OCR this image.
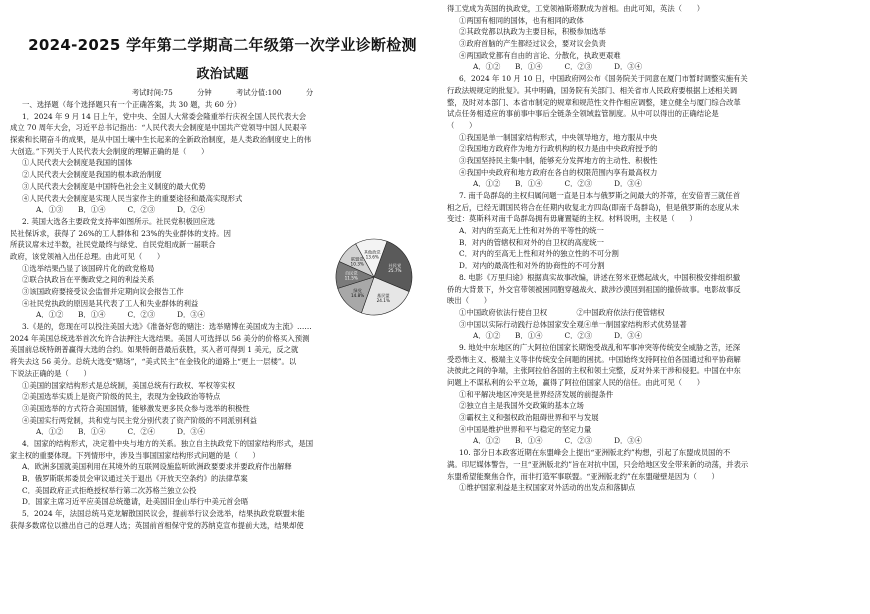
2024-2025 学年第二学期高二年级第一次学业诊断检测
政治试题
考试时间:75 分钟	考试分值:100 分
一、选择题（每个选择题只有一个正确答案，共 30 题，共 60 分）
1．2024 年 9 月 14 日上午，党中央、全国人大常委会隆重举行庆祝全国人民代表大会
成立 70 周年大会，习近平总书记指出：“人民代表大会制度是中国共产党领导中国人民艰辛
探索和长期奋斗的成果，是从中国土壤中生长起来的全新政治制度，是人类政治制度史上的伟
大创造。”下列关于人民代表大会制度的理解正确的是（　　）
①人民代表大会制度是我国的国体
②人民代表大会制度是我国的根本政治制度
③人民代表大会制度是中国特色社会主义制度的最大优势
④人民代表大会制度是实现人民当家作主的重要途径和最高实现形式
A．①③　　B．①④　　　C．②③　　　D．②④
2. 英国大选各主要政党支持率如图所示。社民党积极回应选
民社保诉求，获得了 26%的工人群体和 23%的失业群体的支持。因
所获议席未过半数，社民党最终与绿党、自民党组成新一届联合
政府，该党领袖入出任总理。由此可见（　　）
①选举结果凸显了该国碎片化的政党格局
②联合执政旨在平衡政党之间的利益关系
③该国政府要接受议会监督并定期向议会报告工作
④社民党执政的原因是其代表了工人和失业群体的利益
A．①②　　B．①④　　　C．②③　　　D．③④
3.《是的，您现在可以投注美国大选》《准备好您的赌注：选举赌博在美国成为主流》……
2024 年美国总统选举首次允许合法押注大选结果。美国人可选择以 56 美分的价格买入预测
美国前总统特朗普赢得大选的合约。如果特朗普最后获胜，买入者可得到 1 美元，反之就
将失去这 56 美分。总统大选变“赌场”，“美式民主”在金钱化的道路上“更上一层楼”。以
下说法正确的是（　　）
①美国的国家结构形式是总统制，美国总统有行政权、军权等实权
②美国选举实质上是资产阶级的民主，表现为金钱政治等特点
③美国选举的方式符合美国国情，能够激发更多民众参与选举的积极性
④美国实行两党制，共和党与民主党分别代表了资产阶级的不同派别利益
A．①②　　B．①④　　　C．②④　　　D．③④
4．国家的结构形式，决定着中央与地方的关系。独立自主执政党下的国家结构形式，是国
家主权的重要体现。下列情形中，涉及当事国国家结构形式问题的是（　　）
A．欧洲多国就美国利用在其境外的互联网设施监听欧洲政要要求并要政府作出解释
B．俄罗斯联邦委员会审议通过关于退出《开放天空条约》的法律草案
C．美国政府正式拒绝授权举行第二次苏格兰独立公投
D．国家主席习近平应美国总统邀请，赴美国旧金山举行中美元首会晤
5．2024 年，法国总统马克龙解散国民议会，提前举行议会选举，结果执政党联盟未能
获得多数席位以推出自己的总理人选；英国前首相保守党的苏纳克宣布提前大选，结果却使
社民党 25.7%
基民盟 24.1%
绿党 14.8%
自民党 11.5%
联盟党 10.3%
其他政党 13.6%
得工党成为英国的执政党，工党领袖斯塔默成为首相。由此可知，英法（　　）
①两国有相同的国体，也有相同的政体
②其政党都以执政为主要目标，积极参加选举
③政府首脑的产生都经过议会，要对议会负责
④两国政党都有自由的言论、分散化，执政更艰难
A．①②　　B．①④　　　C．②③　　　D．③④
6．2024 年 10 月 10 日，中国政府网公布《国务院关于同意在厦门市暂时调整实施有关
行政法规规定的批复》。其中明确，国务院有关部门、相关省市人民政府要根据上述相关调
整，及时对本部门、本省市制定的规章和规范性文件作相应调整，建立健全与厦门综合改革
试点任务相适应的事前事中事后全链条全领域监管制度。从中可以得出的正确结论是
（　　）
①我国是单一制国家结构形式，中央领导地方，地方服从中央
②我国地方政府作为地方行政机构的权力是由中央政府授予的
③我国坚持民主集中制，能够充分发挥地方的主动性、积极性
④我国中央政府和地方政府在各自的权限范围内享有最高权力
A．①②　　B．①④　　　C．②③　　　D．③④
7. 南千岛群岛的主权归属问题一直是日本与俄罗斯之间最大的芥蒂，在安倍晋三就任首
相之后，已经无谓国民将合在任期内收复北方四岛(即南千岛群岛)，但是俄罗斯的态度从未
变过：莫斯科对南千岛群岛拥有毋庸置疑的主权。材料说明，主权是（　　）
A．对内的至高无上性和对外的平等性的统一
B．对内的管辖权和对外的自卫权的高度统一
C．对内的至高无上性和对外的独立性的不可分割
D．对内的最高性和对外的协商性的不可分割
8. 电影《万里归途》根据真实故事改编，讲述在努米亚燃起战火，中国积极安排组织撤
侨的大背景下，外交官带领被困同胞穿越战火、跋涉沙漠回到祖国的撤侨故事。电影故事反
映出（　　）
①中国政府依法行使自卫权　　　　②中国政府依法行使管辖权
③中国以实际行动践行总体国家安全观④单一制国家结构形式优势显著
A．①②　　B．①④　　　C．②③　　　D．③④
9. 地处中东地区的广大阿拉伯国家长期饱受战乱和军事冲突等传统安全威胁之苦，还深
受恐怖主义、极端主义等非传统安全问题的困扰。中国始终支持阿拉伯各国通过和平协商解
决彼此之间的争端，主张阿拉伯各国的主权和领土完整，反对外来干涉和侵犯。中国在中东
问题上不谋私利的公平立场，赢得了阿拉伯国家人民的信任。由此可见（　　）
①和平解决地区冲突是世界经济发展的前提条件
②独立自主是我国外交政策的基本立场
③霸权主义和强权政治阻碍世界和平与发展
④中国是维护世界和平与稳定的坚定力量
A．①②　　B．①④　　　C．②③　　　D．③④
10. 部分日本政客近期在东盟峰会上提出“亚洲版北约”构想，引起了东盟成员国的不
满。印尼媒体警告，一旦“亚洲版北约”旨在对抗中国，只会给地区安全带来新的动荡，并表示
东盟希望能聚焦合作，而非打造军事联盟。“亚洲版北约”在东盟碰壁是因为（　　）
①维护国家利益是主权国家对外活动的出发点和落脚点
